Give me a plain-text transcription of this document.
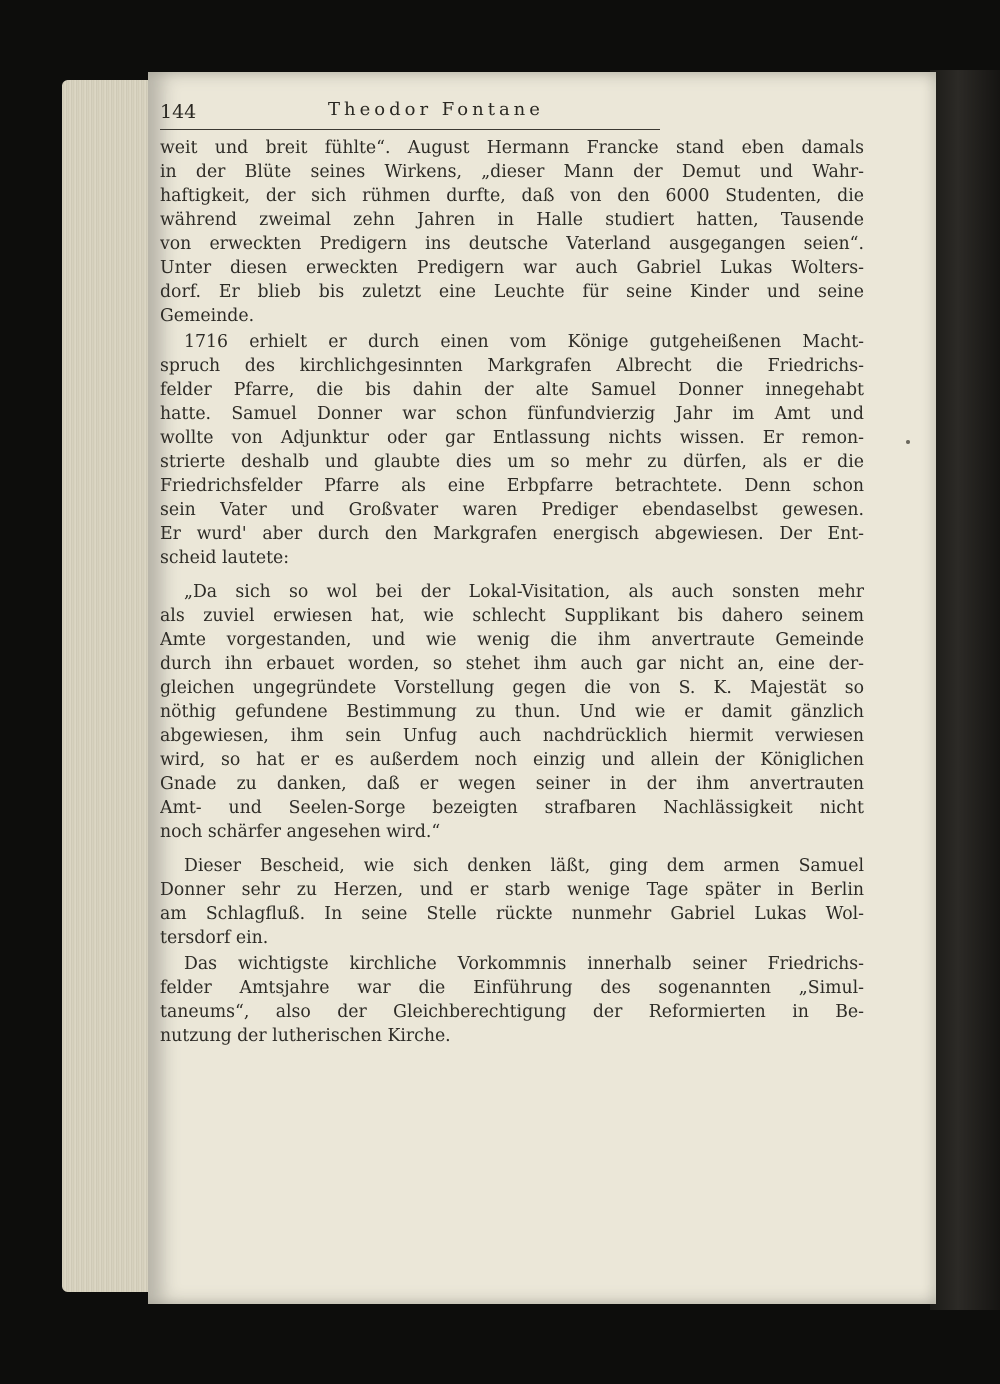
144	Theodor Fontane
weit und breit fühlte“. August Hermann Francke stand eben damals
in der Blüte seines Wirkens, „dieser Mann der Demut und Wahr-
haftigkeit, der sich rühmen durfte, daß von den 6000 Studenten, die
während zweimal zehn Jahren in Halle studiert hatten, Tausende
von erweckten Predigern ins deutsche Vaterland ausgegangen seien“.
Unter diesen erweckten Predigern war auch Gabriel Lukas Wolters-
dorf. Er blieb bis zuletzt eine Leuchte für seine Kinder und seine
Gemeinde.
1716 erhielt er durch einen vom Könige gutgeheißenen Macht-
spruch des kirchlichgesinnten Markgrafen Albrecht die Friedrichs-
felder Pfarre, die bis dahin der alte Samuel Donner innegehabt
hatte. Samuel Donner war schon fünfundvierzig Jahr im Amt und
wollte von Adjunktur oder gar Entlassung nichts wissen. Er remon-
strierte deshalb und glaubte dies um so mehr zu dürfen, als er die
Friedrichsfelder Pfarre als eine Erbpfarre betrachtete. Denn schon
sein Vater und Großvater waren Prediger ebendaselbst gewesen.
Er wurd' aber durch den Markgrafen energisch abgewiesen. Der Ent-
scheid lautete:
„Da sich so wol bei der Lokal-Visitation, als auch sonsten mehr
als zuviel erwiesen hat, wie schlecht Supplikant bis dahero seinem
Amte vorgestanden, und wie wenig die ihm anvertraute Gemeinde
durch ihn erbauet worden, so stehet ihm auch gar nicht an, eine der-
gleichen ungegründete Vorstellung gegen die von S. K. Majestät so
nöthig gefundene Bestimmung zu thun. Und wie er damit gänzlich
abgewiesen, ihm sein Unfug auch nachdrücklich hiermit verwiesen
wird, so hat er es außerdem noch einzig und allein der Königlichen
Gnade zu danken, daß er wegen seiner in der ihm anvertrauten
Amt- und Seelen-Sorge bezeigten strafbaren Nachlässigkeit nicht
noch schärfer angesehen wird.“
Dieser Bescheid, wie sich denken läßt, ging dem armen Samuel
Donner sehr zu Herzen, und er starb wenige Tage später in Berlin
am Schlagfluß. In seine Stelle rückte nunmehr Gabriel Lukas Wol-
tersdorf ein.
Das wichtigste kirchliche Vorkommnis innerhalb seiner Friedrichs-
felder Amtsjahre war die Einführung des sogenannten „Simul-
taneums“, also der Gleichberechtigung der Reformierten in Be-
nutzung der lutherischen Kirche.
